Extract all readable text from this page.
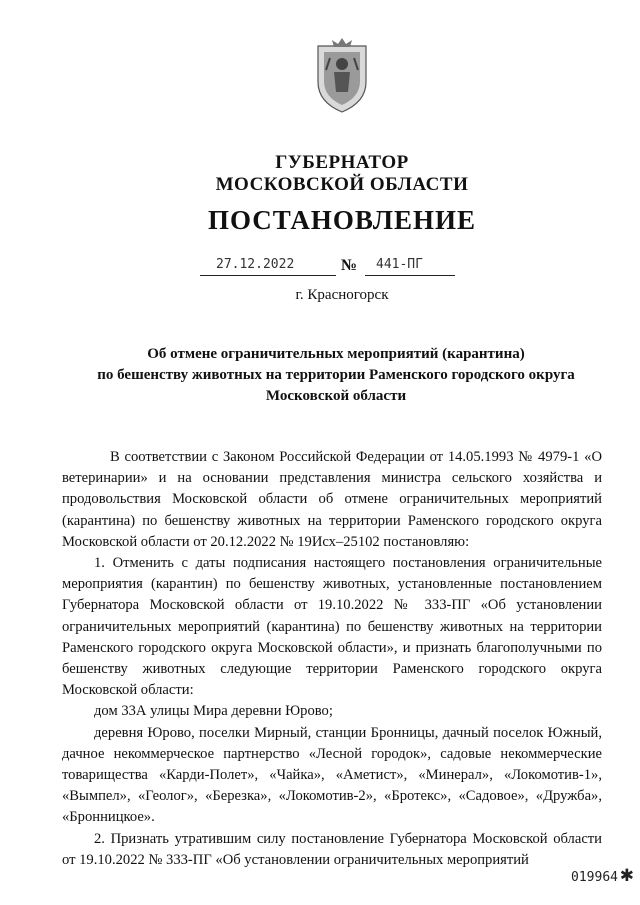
ГУБЕРНАТОР
МОСКОВСКОЙ ОБЛАСТИ
ПОСТАНОВЛЕНИЕ
27.12.2022	№ 441-ПГ
г. Красногорск
Об отмене ограничительных мероприятий (карантина)
по бешенству животных на территории Раменского городского округа
Московской области

В соответствии с Законом Российской Федерации от 14.05.1993 № 4979-1 «О ветеринарии» и на основании представления министра сельского хозяйства и продовольствия Московской области об отмене ограничительных мероприятий (карантина) по бешенству животных на территории Раменского городского округа Московской области от 20.12.2022 № 19Исх–25102 постановляю:

1. Отменить с даты подписания настоящего постановления ограничительные мероприятия (карантин) по бешенству животных, установленные постановлением Губернатора Московской области от 19.10.2022 № 333-ПГ «Об установлении ограничительных мероприятий (карантина) по бешенству животных на территории Раменского городского округа Московской области», и признать благополучными по бешенству животных следующие территории Раменского городского округа Московской области:

дом 33А улицы Мира деревни Юрово;

деревня Юрово, поселки Мирный, станции Бронницы, дачный поселок Южный, дачное некоммерческое партнерство «Лесной городок», садовые некоммерческие товарищества «Карди-Полет», «Чайка», «Аметист», «Минерал», «Локомотив-1», «Вымпел», «Геолог», «Березка», «Локомотив-2», «Бротекс», «Садовое», «Дружба», «Бронницкое».

2. Признать утратившим силу постановление Губернатора Московской области от 19.10.2022 № 333-ПГ «Об установлении ограничительных мероприятий

019964 ✱
